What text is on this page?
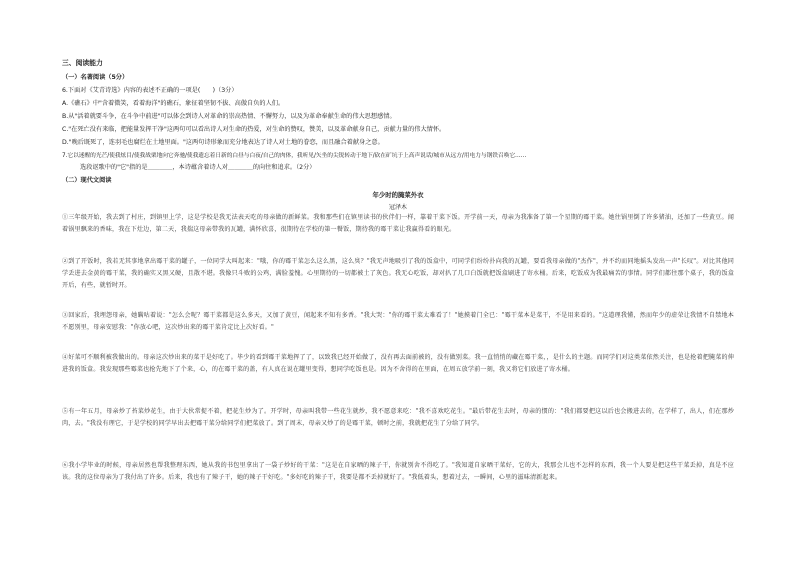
三、阅读能力
（一）名著阅读（5分）
6.下面对《艾青诗选》内容的表述不正确的一项是(　　)（3分）
A.《礁石》中"含着微笑，看着海洋"的礁石，象征着坚韧不拔、高傲自负的人们。
B.从"活着就要斗争，在斗争中前进"可以体会到诗人对革命的崇高热情、不懈努力，以及为革命奉献生命的伟大思想感情。
C."在死亡没有来临，把能量发挥干净"这两句可以看出诗人对生命的热爱，对生命的赞叹，赞美，以及革命献身自己，贡献力量的伟大情怀。
D."晚后既死了，连羽毛也腐烂在土地里面。"这两句诗形象而充分地表达了诗人对土地的眷恋，而且融合着献身之意。
7.它以迷醒的光芒/使我炫目/使我战栗地向它奔驰/使我遗忘着日新的白昼与白夜/自己的肉体，我听见/矢坐的尖锐转动于地下/砍在矿坑于上高声说话/城市从远方/用电力与钢铁召唤它……
选段讴歌中的"它"指的是＿＿＿＿，本诗蕴含着诗人对＿＿＿＿的向往和追求。（2分）
（二）现代文阅读
年少时的腌菜外衣
冠泽木
①三年级开始，我去到了村庄，到镇里上学，这是学校是我无法表天吃的母亲做的新鲜菜。我和那些们在镇里读书的伙伴们一样，靠着干菜下饭。开学前一天，母亲为我准备了第一个星期的霉干菜。她往锅里倒了许多猪油，还加了一些黄豆。闻着锅里飘来的香味，我在下灶边，第二天，我揣这母亲带我的瓦罐，满怀欣喜，很期待在学校的第一餐饭，期待我的霉干菜让我赢得看的眼光。
②到了开饭时，我若无其事地拿出霉干菜的罐子，一位同学大叫起来："哦，你的霉干菜怎么这么黑，这么臭？"我无声地吸引了我的饭盒中，可同学们纷纷扑向我的瓦罐，要看我母亲做的"杰作"，并不约而同地摇头发出一声"长叹"。对比其他同学丢进去金黄的霉干菜，我的确实又黑又硬，且散不堪。我像只斗败的公鸡，满脸羞愧。心里期待的一切都被土了灰色。我无心吃饭，却对扒了几口白饭就把饭盒刷进了寄水桶。后来，吃饭成为我最痛苦的事情。同学们都往那个桌子，我的饭盒开后，有些，就暂时开。
③回家后，我埋怨母亲，她瞒咕着说："怎么会呢？霉干菜都是这么多天，又加了黄豆，闻起来不知有多香。"我大哭："你的霉干菜太难看了！"她摸着门全已："霉干菜本是菜干，不是用来看的。"这道理我懂，然而年少的虚荣让我情不自禁地本不愿别里，母亲安慰我："你放心吧，这次炒出来的霉干菜肯定比上次好看。"
④好菜可不顺利被我做出的。母亲这次炒出来的菜干是好吃了。毕少的看到霉干菜地挥了了，以致我已经开始做了，没有再去面前被的，没有做别菜。我一直悄悄的藏在霉干菜，，是什么的主题。而同学们对这类菜依然关注，也是抢着把腌菜的伸进我的饭盒。我发现那些霉菜也抢先地下了个来，心，的在霉干菜的盖，有人真在说在罐里变得，想同学吃饭也是。因为不舍得的在里面，在周五放学前一刻，我又将它们放进了寄水桶。
⑤有一年五月，母亲炒了苔菜炒花生，由于大伙常捉不着，把花生炒为了。开学时，母亲叫我带一些花生就炒，我不愿意来吃："我不喜欢吃花生。"最后带花生去时，母亲的惯的："我们都要把这以后也会搬进去的，在学样了，出人，们在那炒肉，去。"我没有理它，于是学校的同学早出去把霉干菜分给同学们把菜放了。到了周末，母亲又炒了的是霉干菜，顿时之前，我就把花生了分给了同学。
⑥我小学毕业的时候，母亲居然也帮我整理东西，她从我的书包里拿出了一袋子炒好的干菜："这是在自家晒的辣子干，你就别舍不得吃了。"我知道自家晒干菜好，它的大，我那会儿也不怎样的东西，我一个人要是把这些干菜丢掉，真是不应该。我的这位母亲为了我付出了许多。后来，我也有了辣子干，她的辣子干好吃。"多好吃的辣子干，我要是都不丢掉就好了。"我低着头，想着过去，一瞬间，心里的滋味清新起来。
